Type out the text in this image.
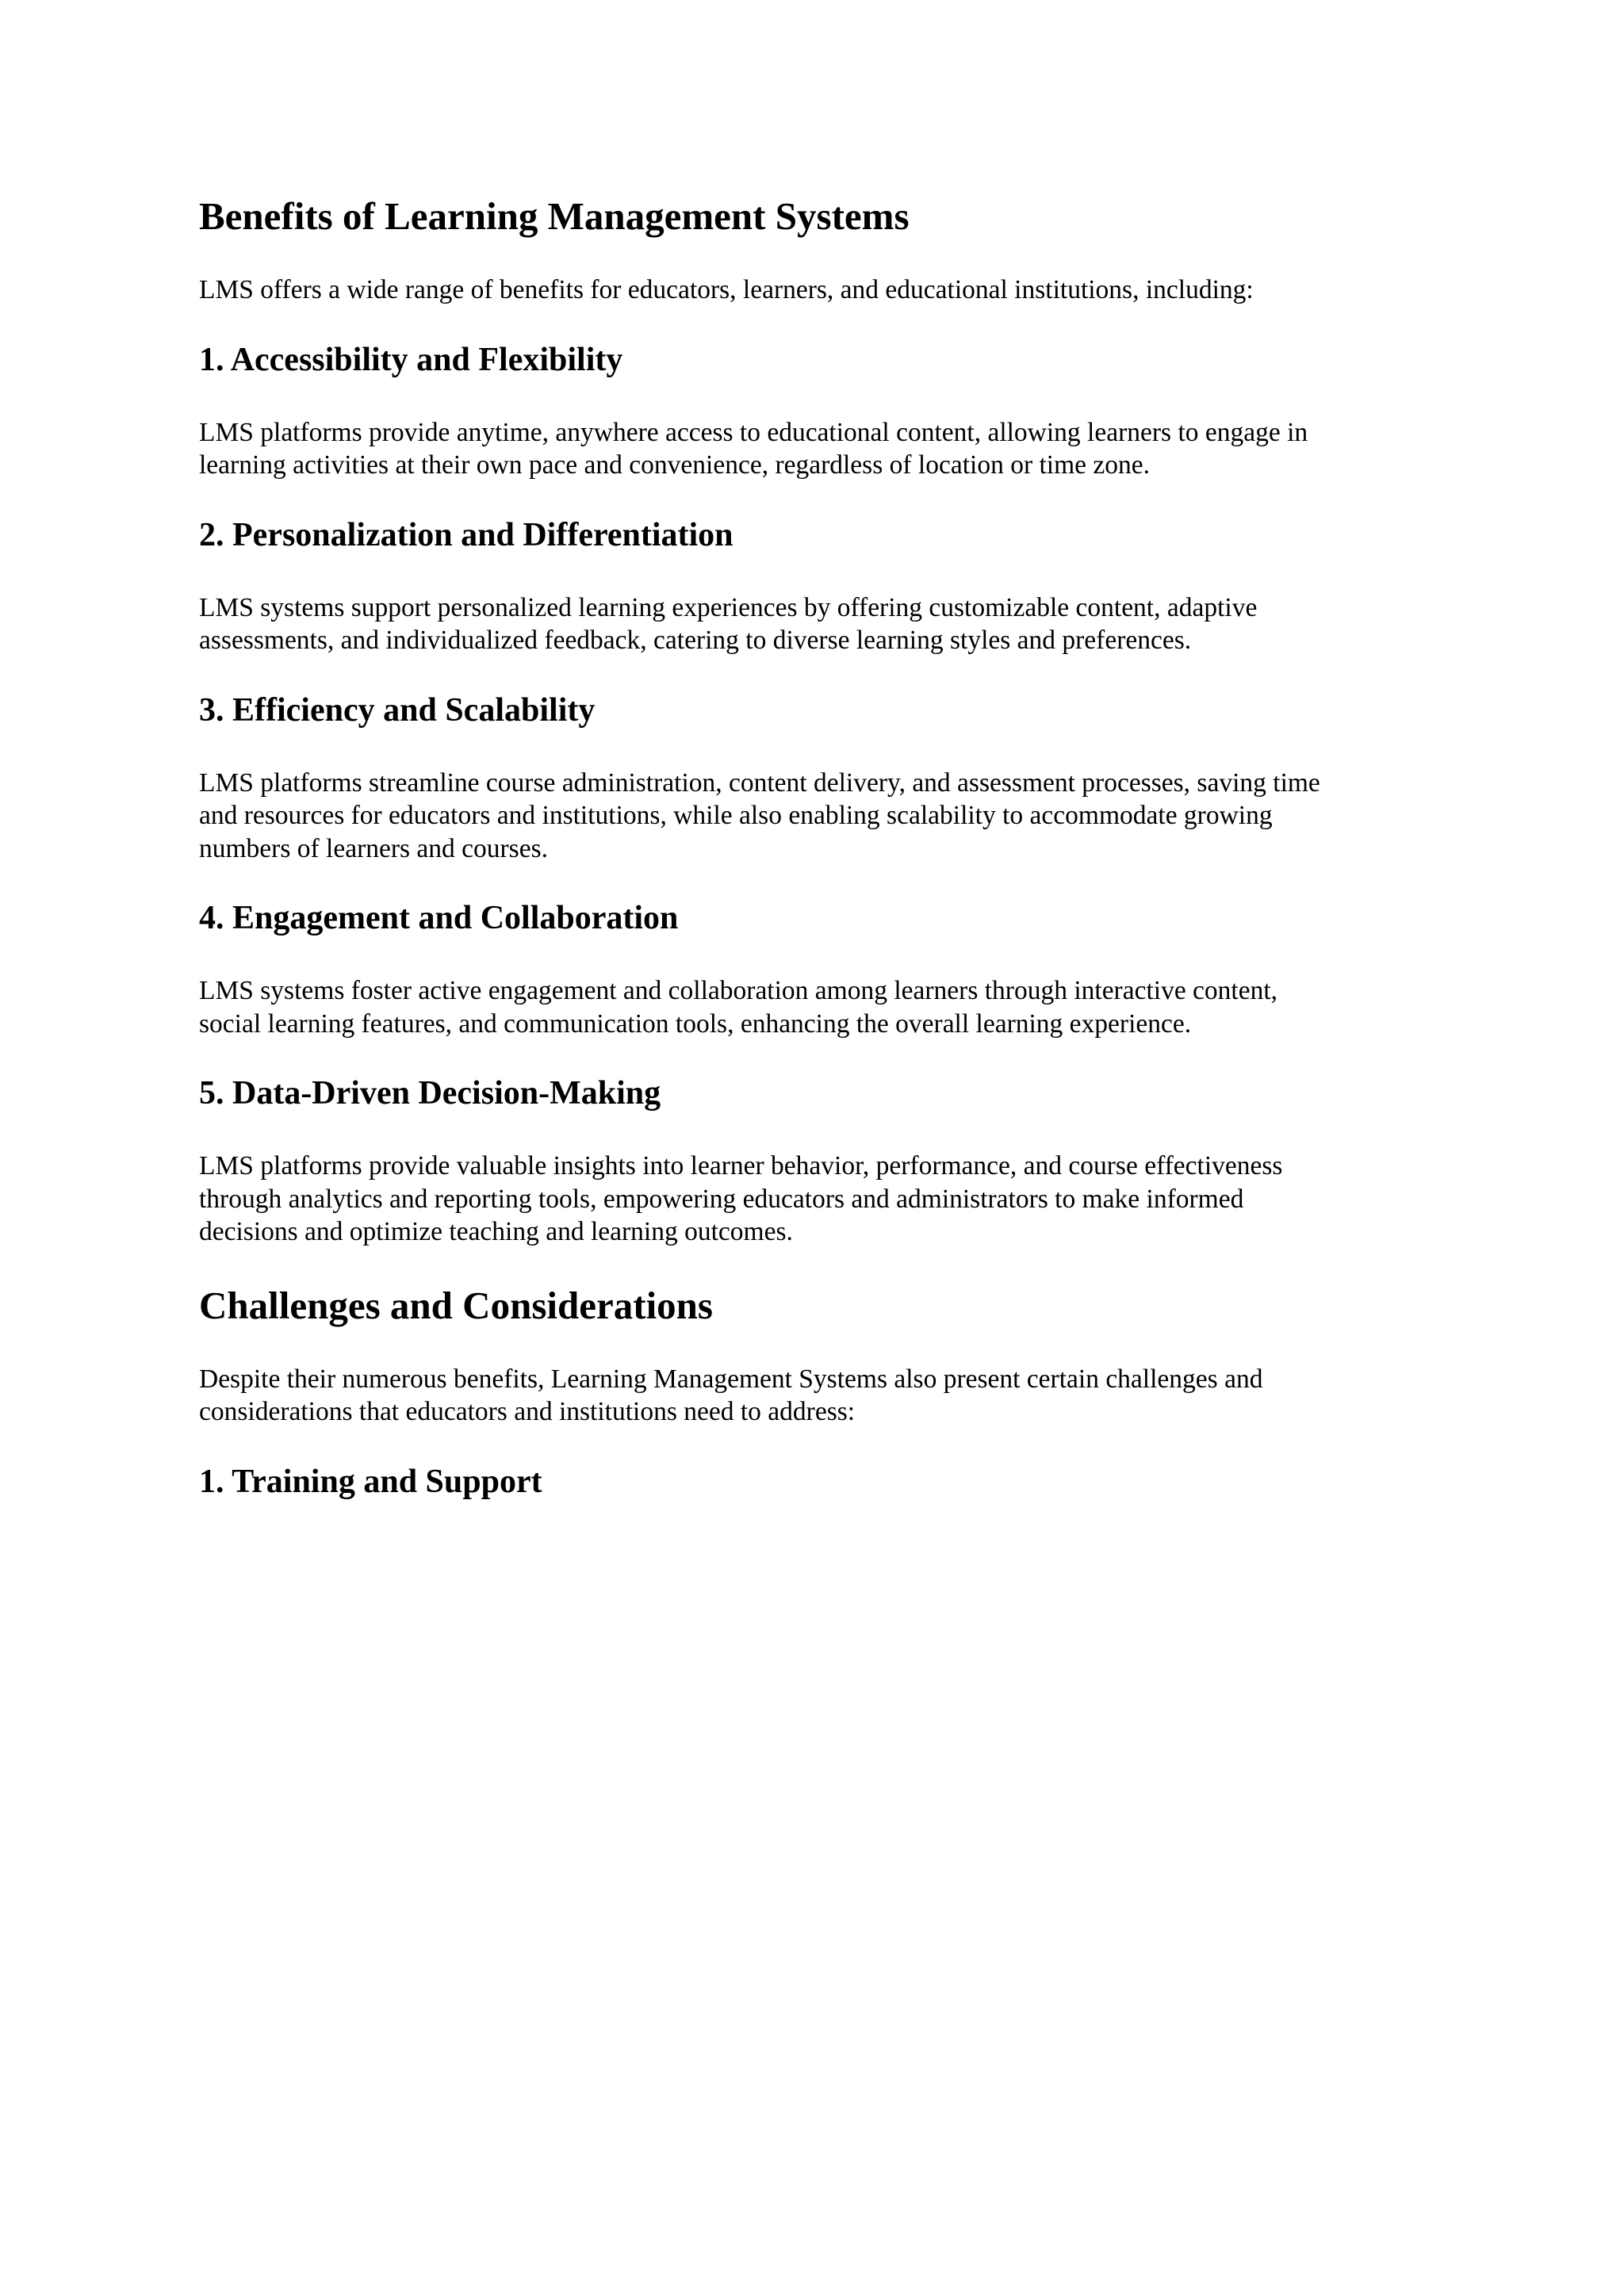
Benefits of Learning Management Systems

LMS offers a wide range of benefits for educators, learners, and educational institutions, including:

1. Accessibility and Flexibility

LMS platforms provide anytime, anywhere access to educational content, allowing learners to engage in
learning activities at their own pace and convenience, regardless of location or time zone.

2. Personalization and Differentiation

LMS systems support personalized learning experiences by offering customizable content, adaptive
assessments, and individualized feedback, catering to diverse learning styles and preferences.

3. Efficiency and Scalability

LMS platforms streamline course administration, content delivery, and assessment processes, saving time
and resources for educators and institutions, while also enabling scalability to accommodate growing
numbers of learners and courses.

4. Engagement and Collaboration

LMS systems foster active engagement and collaboration among learners through interactive content,
social learning features, and communication tools, enhancing the overall learning experience.

5. Data-Driven Decision-Making

LMS platforms provide valuable insights into learner behavior, performance, and course effectiveness
through analytics and reporting tools, empowering educators and administrators to make informed
decisions and optimize teaching and learning outcomes.

Challenges and Considerations

Despite their numerous benefits, Learning Management Systems also present certain challenges and
considerations that educators and institutions need to address:

1. Training and Support
